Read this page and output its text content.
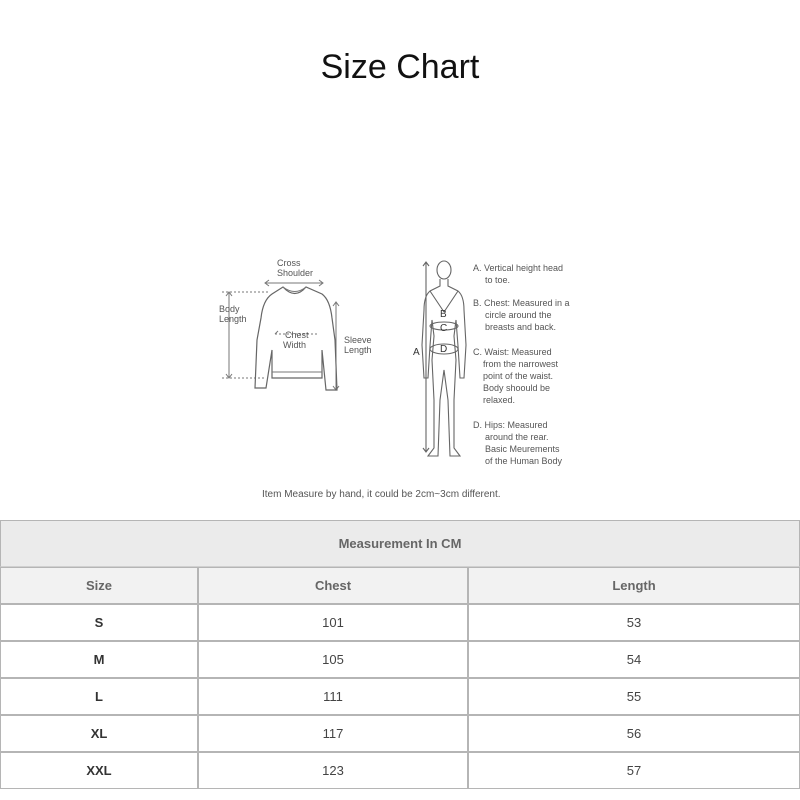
Size Chart
Cross
Shoulder
Body
Length
Chest
Width	Sleeve
Length	A
B
C
D
A. Vertical height head
to toe.
B. Chest: Measured in a
circle around the
breasts and back.
C. Waist: Measured
from the narrowest
point of the waist.
Body shoould be
relaxed.
D. Hips: Measured
around the rear.
Basic Meurements
of the Human Body
Item Measure by hand, it could be 2cm~3cm different.
Measurement In CM		
Size	Chest	Length
S	101	53
M	105	54
L	111	55
XL	117	56
XXL	123	57
